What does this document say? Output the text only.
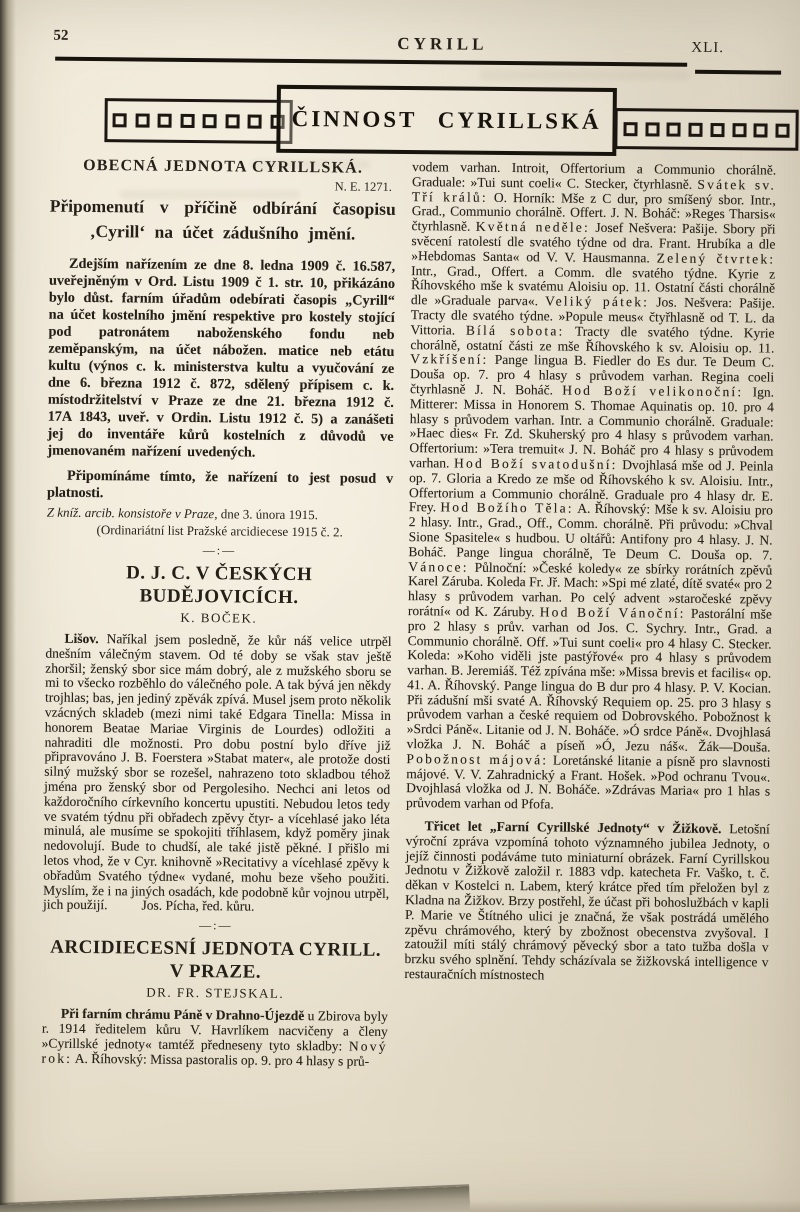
52	CYRILL	XLI.
ČINNOST CYRILLSKÁ
OBECNÁ JEDNOTA CYRILLSKÁ.
N. E. 1271.
Připomenutí v příčině odbírání časopisu ‚Cyrill‘ na účet zádušního jmění.

Zdejším nařízením ze dne 8. ledna 1909 č. 16.587, uveřejněným v Ord. Listu 1909 č 1. str. 10, přikázáno bylo důst. farním úřadům odebírati časopis „Cyrill“ na účet kostelního jmění respektive pro kostely stojící pod patronátem naboženského fondu neb zeměpanským, na účet nábožen. matice neb etátu kultu (výnos c. k. ministerstva kultu a vyučování ze dne 6. března 1912 č. 872, sdělený přípisem c. k. místodržitelství v Praze ze dne 21. března 1912 č. 17A 1843, uveř. v Ordin. Listu 1912 č. 5) a zanášeti jej do inventáře kůrů kostelních z důvodů ve jmenovaném nařízení uvedených.

Připomínáme tímto, že nařízení to jest posud v platnosti.

Z kníž. arcib. konsistoře v Praze, dne 3. února 1915.

(Ordinariátní list Pražské arcidiecese 1915 č. 2.

—:—
D. J. C. V ČESKÝCH BUDĚJOVICÍCH.
K. BOČEK.

Lišov. Naříkal jsem posledně, že kůr náš velice utrpěl dnešním válečným stavem. Od té doby se však stav ještě zhoršil; ženský sbor sice mám dobrý, ale z mužského sboru se mi to všecko rozběhlo do válečného pole. A tak bývá jen někdy trojhlas; bas, jen jediný zpěvák zpívá. Musel jsem proto několik vzácných skladeb (mezi nimi také Edgara Tinella: Missa in honorem Beatae Mariae Virginis de Lourdes) odložiti a nahraditi dle možnosti. Pro dobu postní bylo dříve již připravováno J. B. Foerstera »Stabat mater«, ale protože dosti silný mužský sbor se rozešel, nahrazeno toto skladbou téhož jména pro ženský sbor od Pergolesiho. Nechci ani letos od každoročního církevního koncertu upustiti. Nebudou letos tedy ve svatém týdnu při obřadech zpěvy čtyr- a vícehlasé jako léta minulá, ale musíme se spokojiti tříhlasem, když poměry jinak nedovolují. Bude to chudší, ale také jistě pěkné. I přišlo mi letos vhod, že v Cyr. knihovně »Recitativy a vícehlasé zpěvy k obřadům Svatého týdne« vydané, mohu beze všeho použiti. Myslím, že i na jiných osadách, kde podobně kůr vojnou utrpěl, jich použijí.	Jos. Pícha, řed. kůru.

—:—
ARCIDIECESNÍ JEDNOTA CYRILL.
V PRAZE.
DR. FR. STEJSKAL.

Při farním chrámu Páně v Drahno-Újezdě u Zbirova byly r. 1914 ředitelem kůru V. Havrlíkem nacvičeny a členy »Cyrillské jednoty« tamtéž předneseny tyto skladby: Nový rok: A. Říhovský: Missa pastoralis op. 9. pro 4 hlasy s prů-

vodem varhan. Introit, Offertorium a Communio chorálně. Graduale: »Tui sunt coeli« C. Stecker, čtyrhlasně. Svátek sv. Tří králů: O. Horník: Mše z C dur, pro smíšený sbor. Intr., Grad., Communio chorálně. Offert. J. N. Boháč: »Reges Tharsis« čtyrhlasně. Květná neděle: Josef Nešvera: Pašije. Sbory při svěcení ratolestí dle svatého týdne od dra. Frant. Hrubíka a dle »Hebdomas Santa« od V. V. Hausmanna. Zelený čtvrtek: Intr., Grad., Offert. a Comm. dle svatého týdne. Kyrie z Říhovského mše k svatému Aloisiu op. 11. Ostatní části chorálně dle »Graduale parva«. Veliký pátek: Jos. Nešvera: Pašije. Tracty dle svatého týdne. »Popule meus« čtyřhlasně od T. L. da Vittoria. Bílá sobota: Tracty dle svatého týdne. Kyrie chorálně, ostatní části ze mše Říhovského k sv. Aloisiu op. 11. Vzkříšení: Pange lingua B. Fiedler do Es dur. Te Deum C. Douša op. 7. pro 4 hlasy s průvodem varhan. Regina coeli čtyrhlasně J. N. Boháč. Hod Boží velikonoční: Ign. Mitterer: Missa in Honorem S. Thomae Aquinatis op. 10. pro 4 hlasy s průvodem varhan. Intr. a Communio chorálně. Graduale: »Haec dies« Fr. Zd. Skuherský pro 4 hlasy s průvodem varhan. Offertorium: »Tera tremuit« J. N. Boháč pro 4 hlasy s průvodem varhan. Hod Boží svatodušní: Dvojhlasá mše od J. Peinla op. 7. Gloria a Kredo ze mše od Říhovského k sv. Aloisiu. Intr., Offertorium a Communio chorálně. Graduale pro 4 hlasy dr. E. Frey. Hod Božího Těla: A. Říhovský: Mše k sv. Aloisiu pro 2 hlasy. Intr., Grad., Off., Comm. chorálně. Při průvodu: »Chval Sione Spasitele« s hudbou. U oltářů: Antifony pro 4 hlasy. J. N. Boháč. Pange lingua chorálně, Te Deum C. Douša op. 7. Vánoce: Půlnoční: »České koledy« ze sbírky rorátních zpěvů Karel Záruba. Koleda Fr. Jř. Mach: »Spi mé zlaté, dítě svaté« pro 2 hlasy s průvodem varhan. Po celý advent »staročeské zpěvy rorátní« od K. Záruby. Hod Boží Vánoční: Pastorální mše pro 2 hlasy s prův. varhan od Jos. C. Sychry. Intr., Grad. a Communio chorálně. Off. »Tui sunt coeli« pro 4 hlasy C. Stecker. Koleda: »Koho viděli jste pastýřové« pro 4 hlasy s průvodem varhan. B. Jeremiáš. Též zpívána mše: »Missa brevis et facilis« op. 41. A. Říhovský. Pange lingua do B dur pro 4 hlasy. P. V. Kocian. Při zádušní mši svaté A. Říhovský Requiem op. 25. pro 3 hlasy s průvodem varhan a české requiem od Dobrovského. Pobožnost k »Srdci Páně«. Litanie od J. N. Boháče. »Ó srdce Páně«. Dvojhlasá vložka J. N. Boháč a píseň »Ó, Jezu náš«. Žák—Douša. Pobožnost májová: Loretánské litanie a písně pro slavnosti májové. V. V. Zahradnický a Frant. Hošek. »Pod ochranu Tvou«. Dvojhlasá vložka od J. N. Boháče. »Zdrávas Maria« pro 1 hlas s průvodem varhan od Pfofa.

Třicet let „Farní Cyrillské Jednoty“ v Žižkově. Letošní výroční zpráva vzpomíná tohoto významného jubilea Jednoty, o jejíž činnosti podáváme tuto miniaturní obrázek. Farní Cyrillskou Jednotu v Žižkově založil r. 1883 vdp. katecheta Fr. Vaško, t. č. děkan v Kostelci n. Labem, který krátce před tím přeložen byl z Kladna na Žižkov. Brzy postřehl, že účast při bohoslužbách v kapli P. Marie ve Štítného ulici je značná, že však postrádá umělého zpěvu chrámového, který by zbožnost obecenstva zvyšoval. I zatoužil míti stálý chrámový pěvecký sbor a tato tužba došla v brzku svého splnění. Tehdy scházívala se žižkovská intelligence v restauračních místnostech
